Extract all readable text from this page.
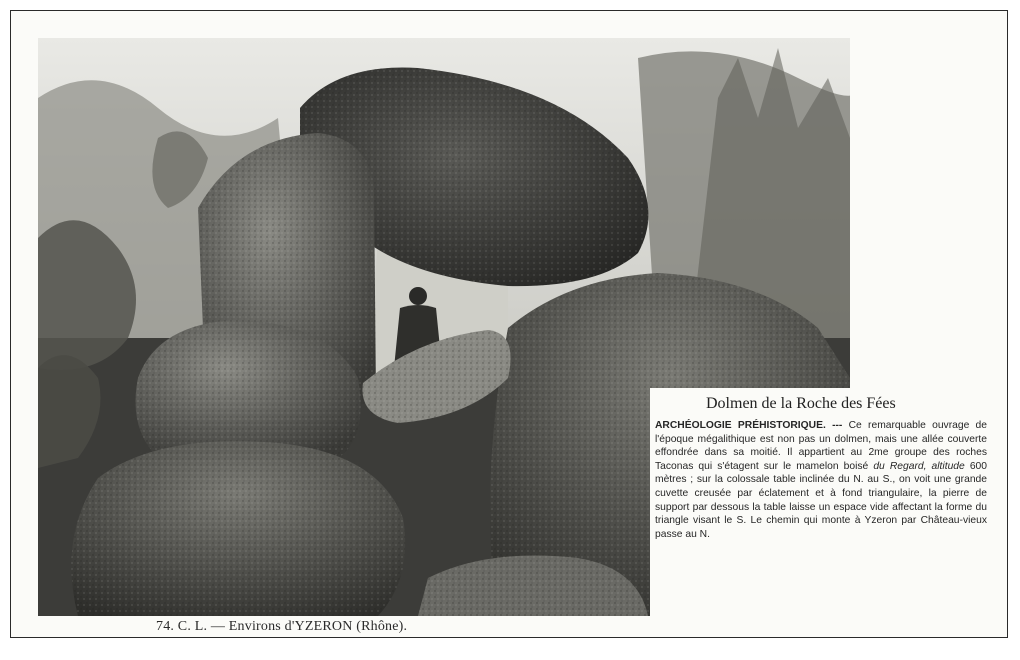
Dolmen de la Roche des Fées
ARCHÉOLOGIE PRÉHISTORIQUE. --- Ce remarquable ouvrage de l'époque mégalithique est non pas un dolmen, mais une allée couverte effondrée dans sa moitié. Il appartient au 2me groupe des roches Taconas qui s'étagent sur le mamelon boisé du Regard, altitude 600 mètres ; sur la colossale table inclinée du N. au S., on voit une grande cuvette creusée par éclatement et à fond triangulaire, la pierre de support par dessous la table laisse un espace vide affectant la forme du triangle visant le S. Le chemin qui monte à Yzeron par Château-vieux passe au N.
74. C. L. — Environs d'YZERON (Rhône).
